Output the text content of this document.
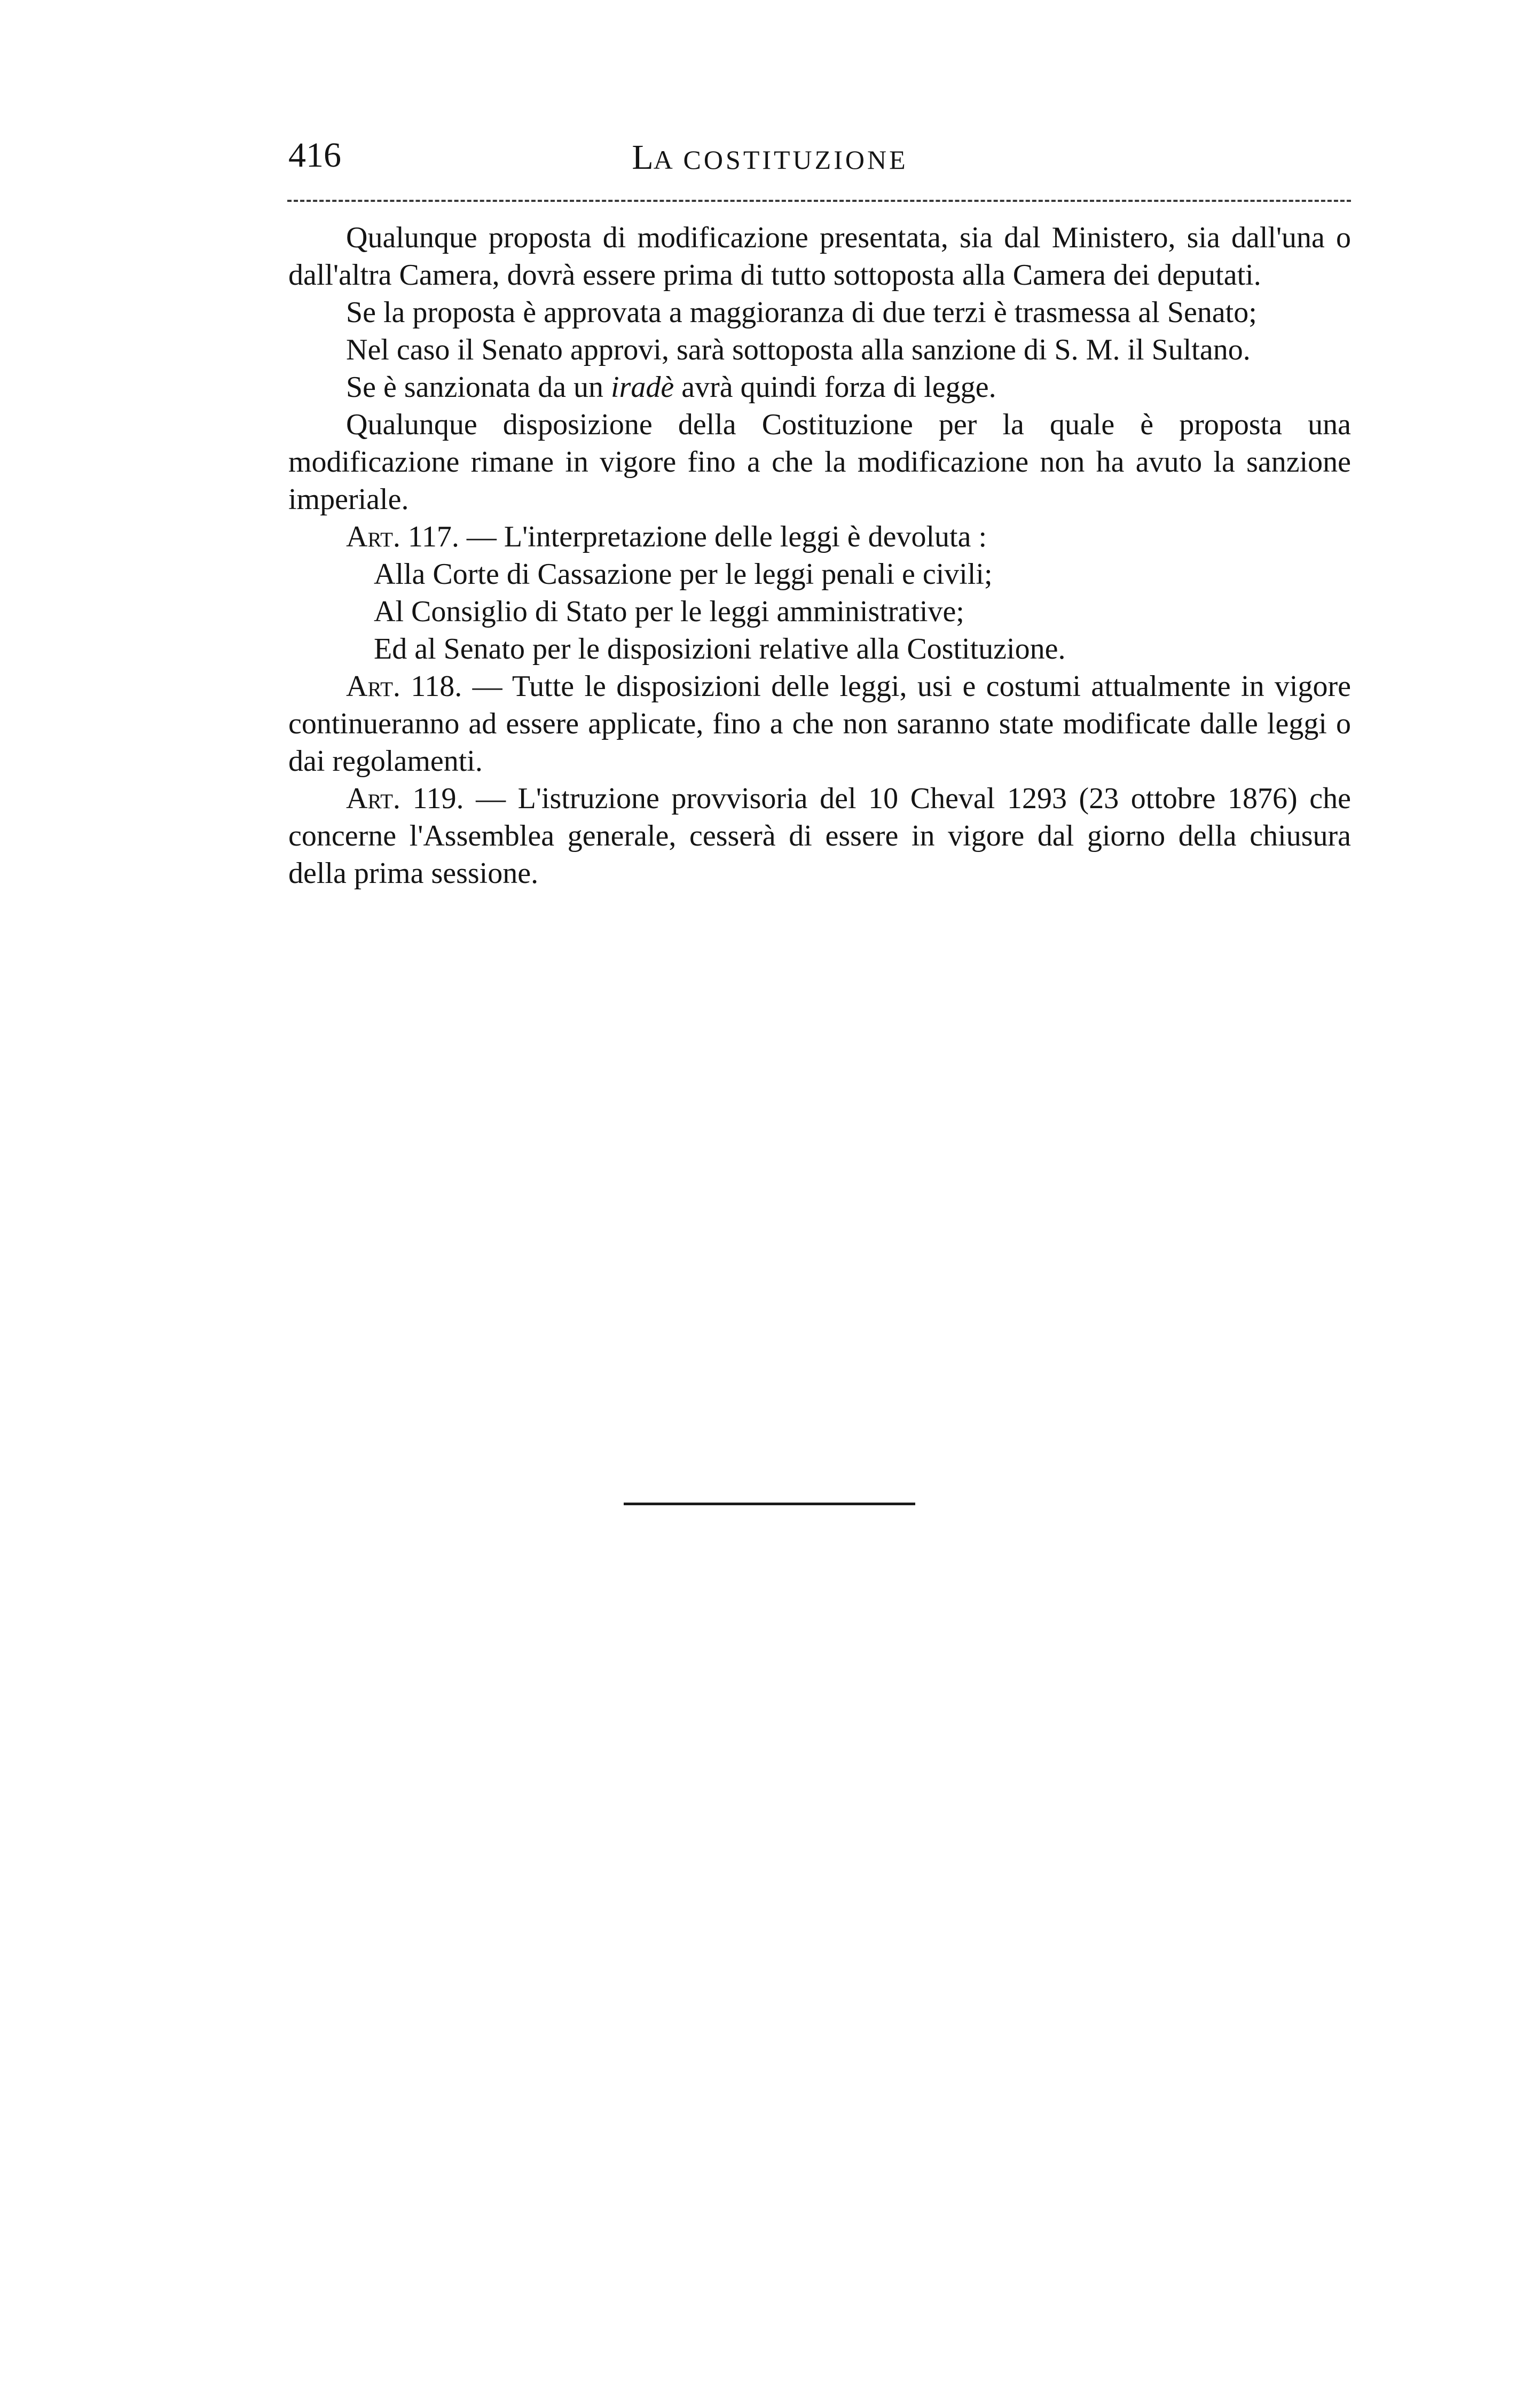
416	LA COSTITUZIONE

Qualunque proposta di modificazione presentata, sia dal Ministero, sia dall'una o dall'altra Camera, dovrà essere prima di tutto sottoposta alla Camera dei deputati.

Se la proposta è approvata a maggioranza di due terzi è trasmessa al Senato;

Nel caso il Senato approvi, sarà sottoposta alla sanzione di S. M. il Sultano.

Se è sanzionata da un iradè avrà quindi forza di legge.

Qualunque disposizione della Costituzione per la quale è proposta una modificazione rimane in vigore fino a che la modificazione non ha avuto la sanzione imperiale.

Art. 117. — L'interpretazione delle leggi è devoluta :

Alla Corte di Cassazione per le leggi penali e civili;

Al Consiglio di Stato per le leggi amministrative;

Ed al Senato per le disposizioni relative alla Costituzione.

Art. 118. — Tutte le disposizioni delle leggi, usi e costumi attualmente in vigore continueranno ad essere applicate, fino a che non saranno state modificate dalle leggi o dai regolamenti.

Art. 119. — L'istruzione provvisoria del 10 Cheval 1293 (23 ottobre 1876) che concerne l'Assemblea generale, cesserà di essere in vigore dal giorno della chiusura della prima sessione.
